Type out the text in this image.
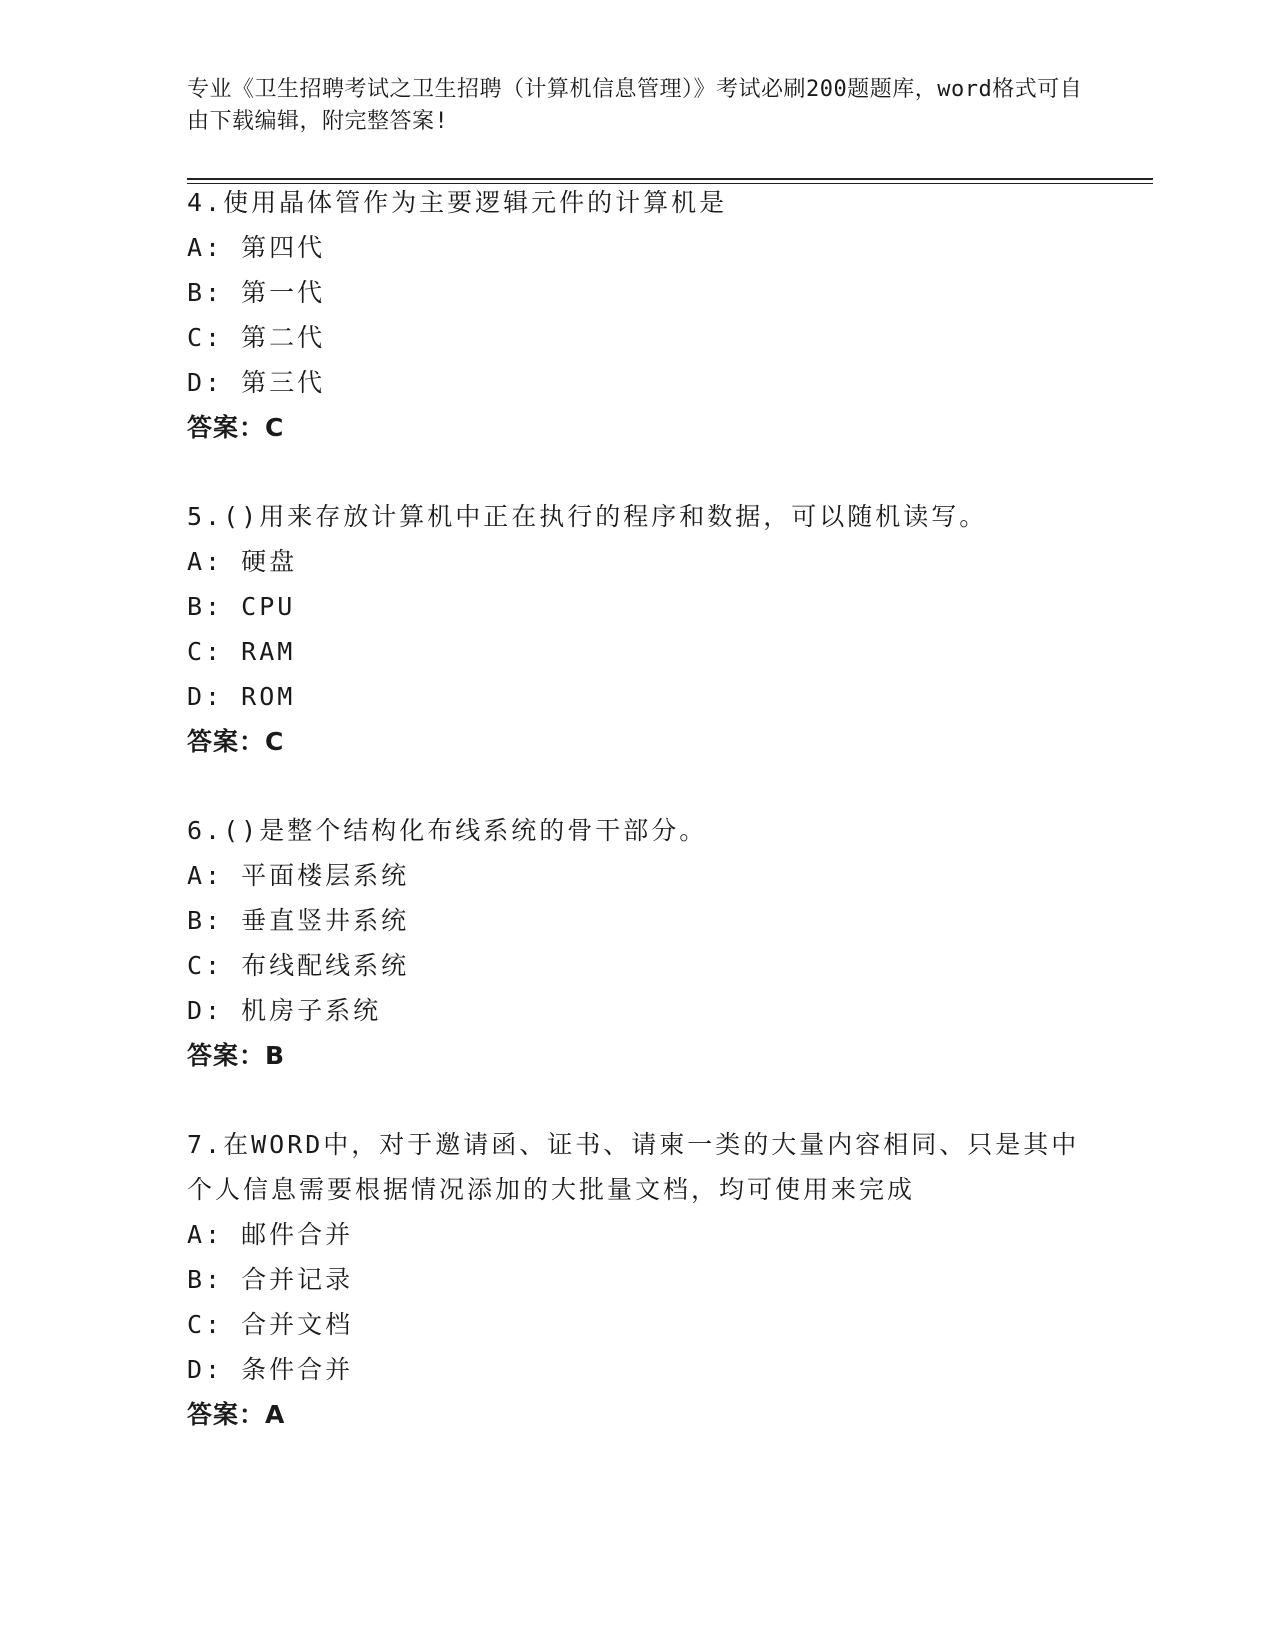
专业《卫生招聘考试之卫生招聘（计算机信息管理）》考试必刷200题题库，word格式可自由下载编辑，附完整答案!

4.使用晶体管作为主要逻辑元件的计算机是

A: 第四代

B: 第一代

C: 第二代

D: 第三代

答案：C

5.()用来存放计算机中正在执行的程序和数据，可以随机读写。

A: 硬盘

B: CPU

C: RAM

D: ROM

答案：C

6.()是整个结构化布线系统的骨干部分。

A: 平面楼层系统

B: 垂直竖井系统

C: 布线配线系统

D: 机房子系统

答案：B

7.在WORD中，对于邀请函、证书、请柬一类的大量内容相同、只是其中个人信息需要根据情况添加的大批量文档，均可使用来完成

A: 邮件合并

B: 合并记录

C: 合并文档

D: 条件合并

答案：A
